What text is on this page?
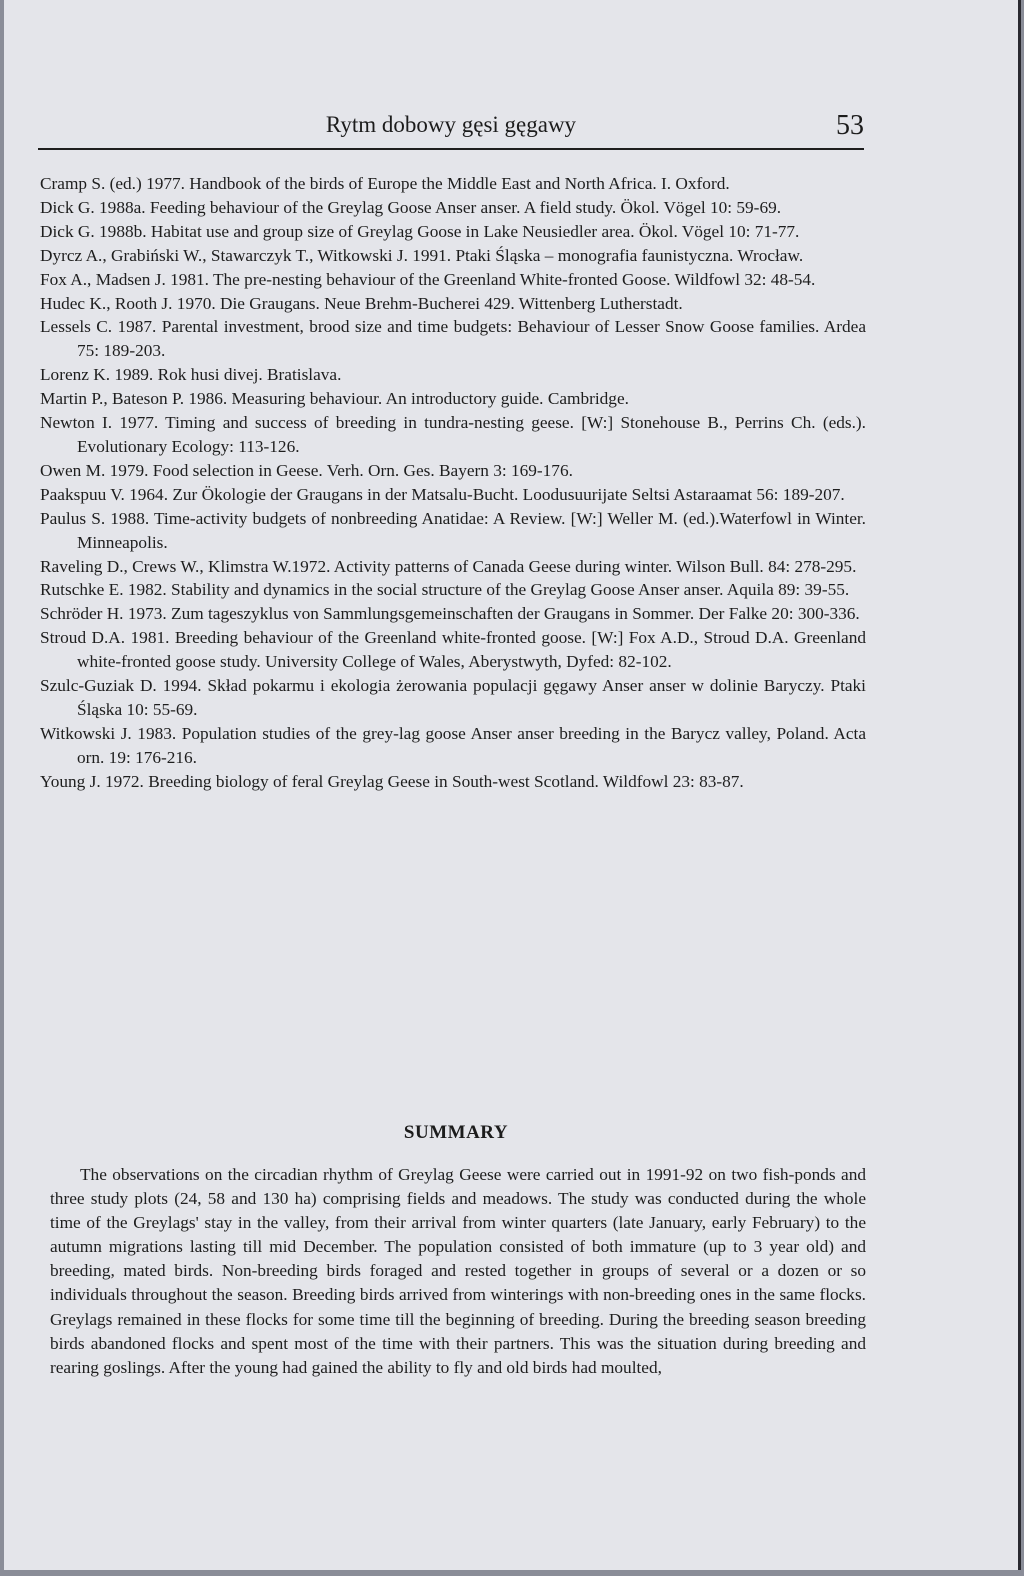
Rytm dobowy gęsi gęgawy	53
Cramp S. (ed.) 1977. Handbook of the birds of Europe the Middle East and North Africa. I. Oxford.
Dick G. 1988a. Feeding behaviour of the Greylag Goose Anser anser. A field study. Ökol. Vögel 10: 59-69.
Dick G. 1988b. Habitat use and group size of Greylag Goose in Lake Neusiedler area. Ökol. Vögel 10: 71-77.
Dyrcz A., Grabiński W., Stawarczyk T., Witkowski J. 1991. Ptaki Śląska – monografia faunistyczna. Wrocław.
Fox A., Madsen J. 1981. The pre-nesting behaviour of the Greenland White-fronted Goose. Wildfowl 32: 48-54.
Hudec K., Rooth J. 1970. Die Graugans. Neue Brehm-Bucherei 429. Wittenberg Lutherstadt.
Lessels C. 1987. Parental investment, brood size and time budgets: Behaviour of Lesser Snow Goose families. Ardea 75: 189-203.
Lorenz K. 1989. Rok husi divej. Bratislava.
Martin P., Bateson P. 1986. Measuring behaviour. An introductory guide. Cambridge.
Newton I. 1977. Timing and success of breeding in tundra-nesting geese. [W:] Stonehouse B., Perrins Ch. (eds.). Evolutionary Ecology: 113-126.
Owen M. 1979. Food selection in Geese. Verh. Orn. Ges. Bayern 3: 169-176.
Paakspuu V. 1964. Zur Ökologie der Graugans in der Matsalu-Bucht. Loodusuurijate Seltsi Astaraamat 56: 189-207.
Paulus S. 1988. Time-activity budgets of nonbreeding Anatidae: A Review. [W:] Weller M. (ed.).Waterfowl in Winter. Minneapolis.
Raveling D., Crews W., Klimstra W.1972. Activity patterns of Canada Geese during winter. Wilson Bull. 84: 278-295.
Rutschke E. 1982. Stability and dynamics in the social structure of the Greylag Goose Anser anser. Aquila 89: 39-55.
Schröder H. 1973. Zum tageszyklus von Sammlungsgemeinschaften der Graugans in Sommer. Der Falke 20: 300-336.
Stroud D.A. 1981. Breeding behaviour of the Greenland white-fronted goose. [W:] Fox A.D., Stroud D.A. Greenland white-fronted goose study. University College of Wales, Aberystwyth, Dyfed: 82-102.
Szulc-Guziak D. 1994. Skład pokarmu i ekologia żerowania populacji gęgawy Anser anser w dolinie Baryczy. Ptaki Śląska 10: 55-69.
Witkowski J. 1983. Population studies of the grey-lag goose Anser anser breeding in the Barycz valley, Poland. Acta orn. 19: 176-216.
Young J. 1972. Breeding biology of feral Greylag Geese in South-west Scotland. Wildfowl 23: 83-87.
SUMMARY

The observations on the circadian rhythm of Greylag Geese were carried out in 1991-92 on two fish-ponds and three study plots (24, 58 and 130 ha) comprising fields and meadows. The study was conducted during the whole time of the Greylags' stay in the valley, from their arrival from winter quarters (late January, early February) to the autumn migrations lasting till mid December. The population consisted of both immature (up to 3 year old) and breeding, mated birds. Non-breeding birds foraged and rested together in groups of several or a dozen or so individuals throughout the season. Breeding birds arrived from winterings with non-breeding ones in the same flocks. Greylags remained in these flocks for some time till the beginning of breeding. During the breeding season breeding birds abandoned flocks and spent most of the time with their partners. This was the situation during breeding and rearing goslings. After the young had gained the ability to fly and old birds had moulted,
